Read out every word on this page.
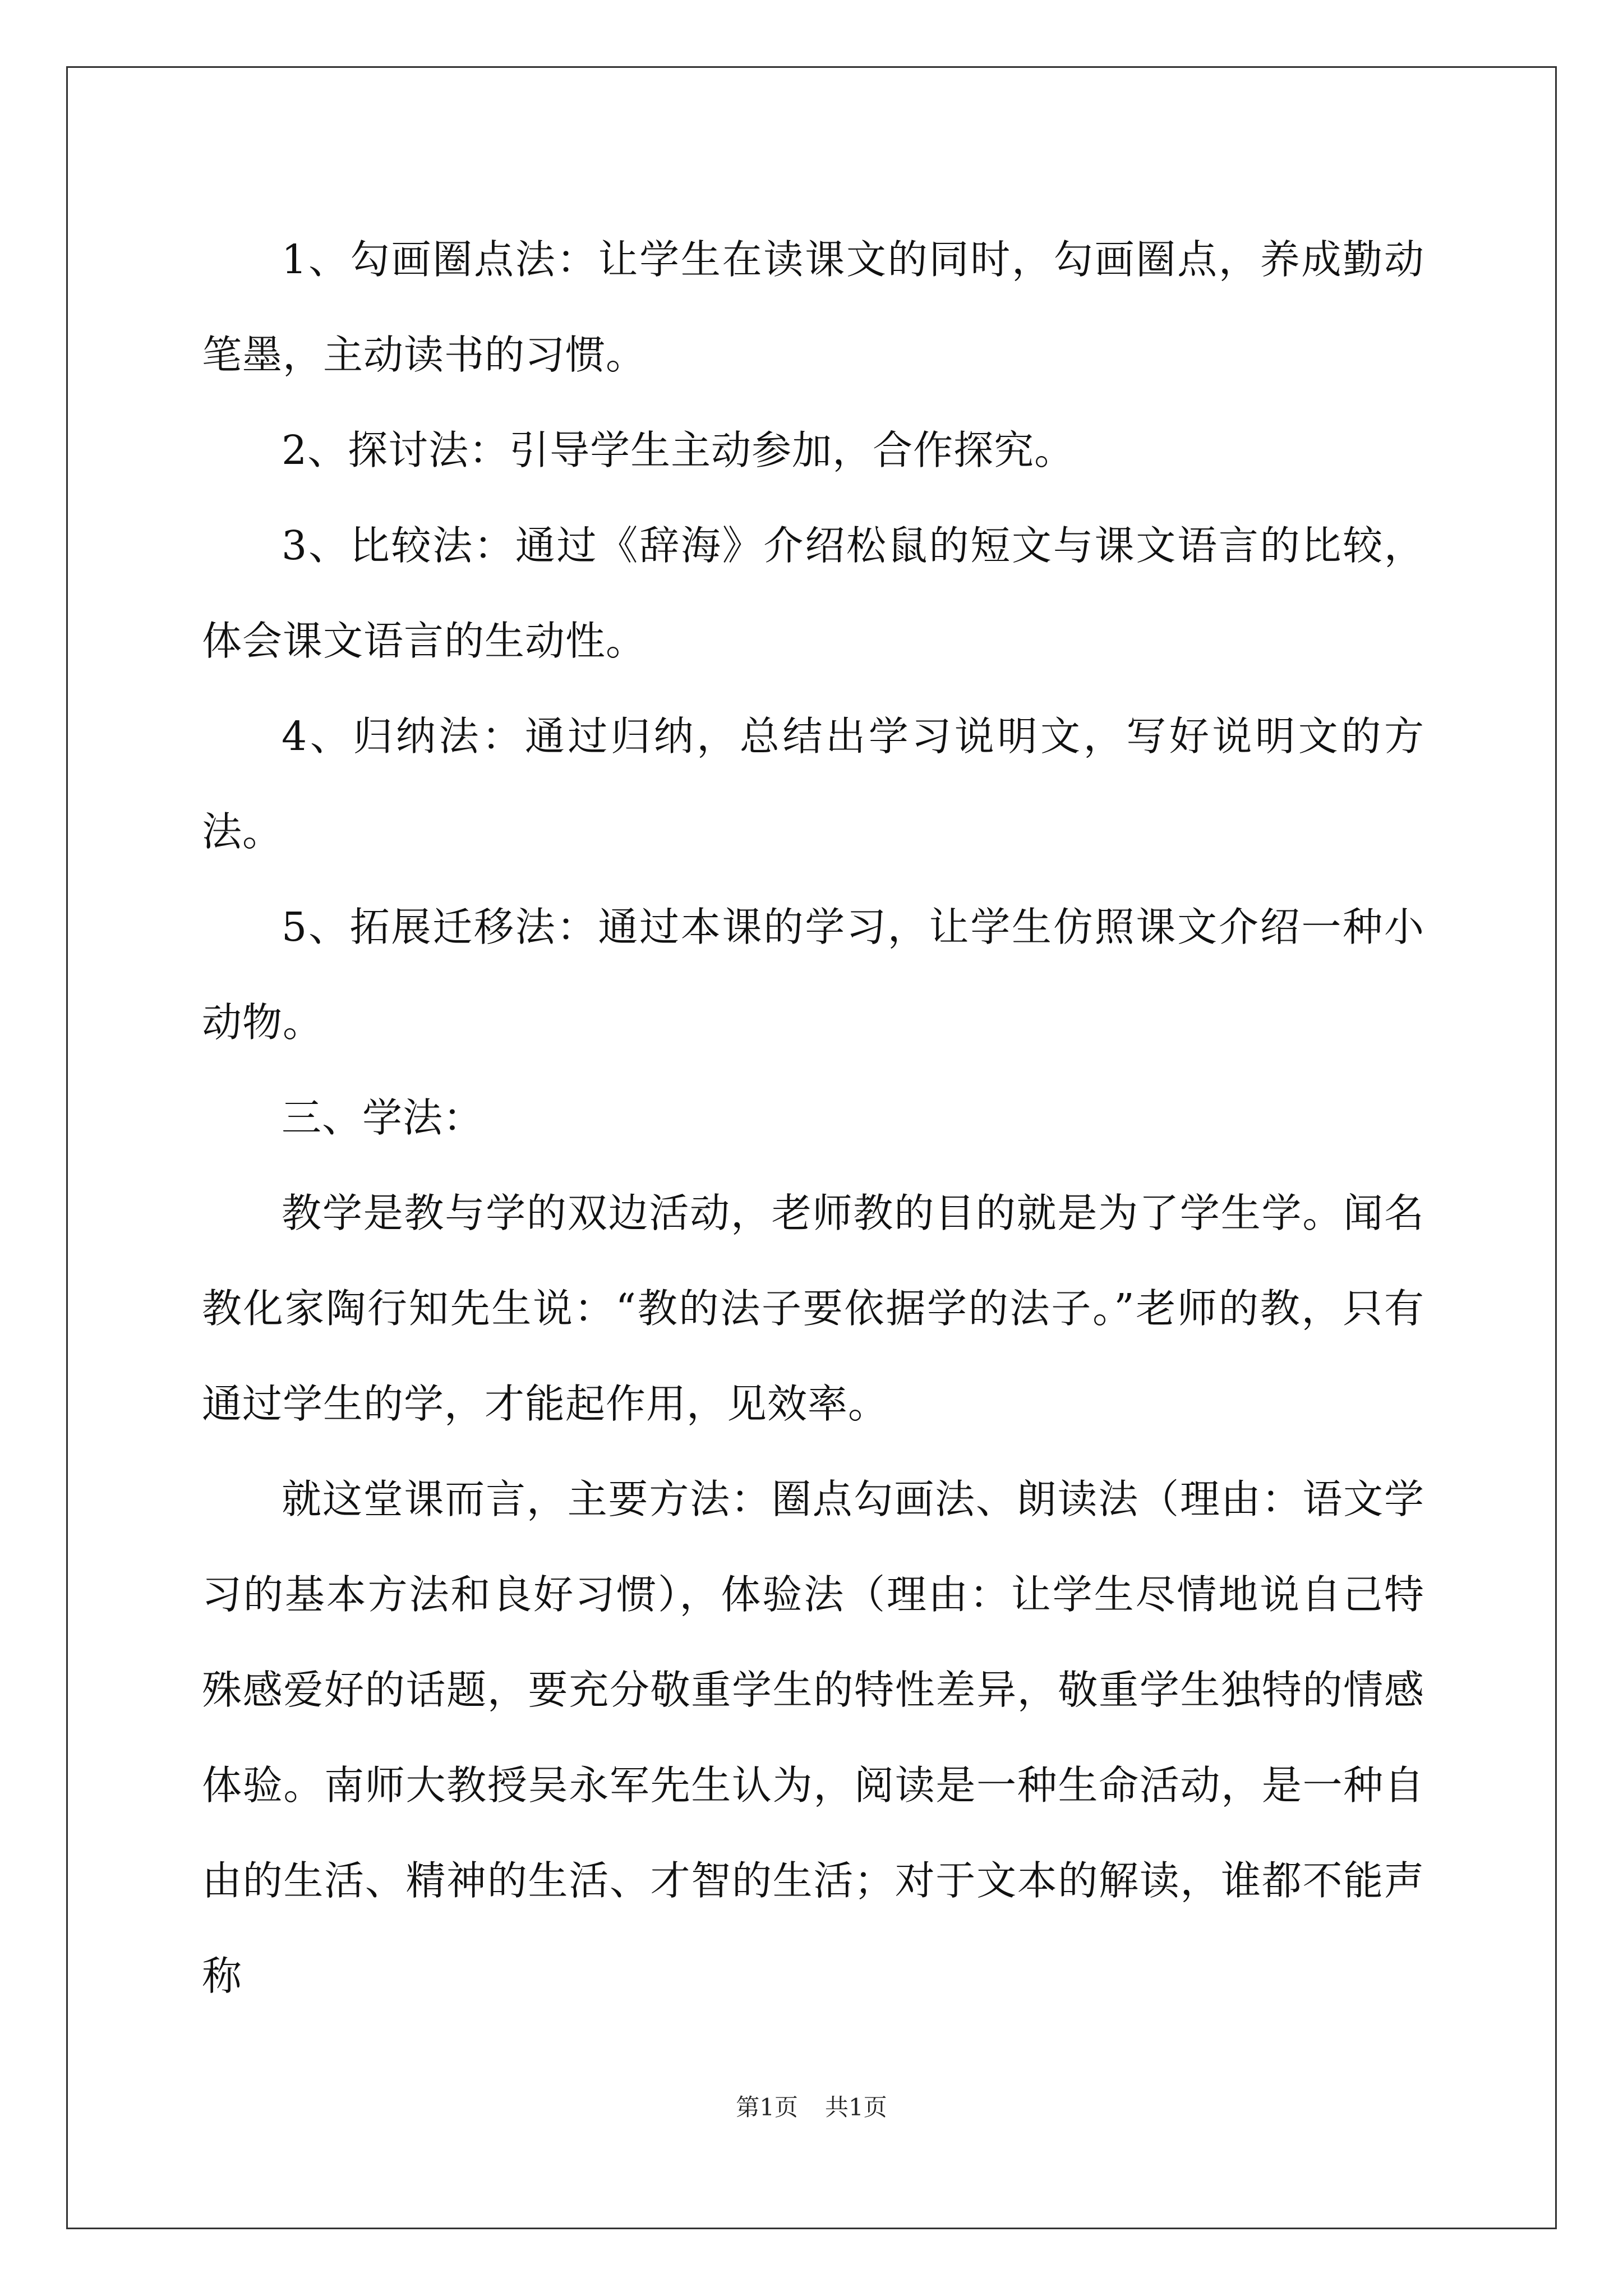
1、勾画圈点法：让学生在读课文的同时，勾画圈点，养成勤动笔墨，主动读书的习惯。

2、探讨法：引导学生主动参加，合作探究。

3、比较法：通过《辞海》介绍松鼠的短文与课文语言的比较，体会课文语言的生动性。

4、归纳法：通过归纳，总结出学习说明文，写好说明文的方法。

5、拓展迁移法：通过本课的学习，让学生仿照课文介绍一种小动物。

三、学法：

教学是教与学的双边活动，老师教的目的就是为了学生学。闻名教化家陶行知先生说：“教的法子要依据学的法子。”老师的教，只有通过学生的学，才能起作用，见效率。

就这堂课而言，主要方法：圈点勾画法、朗读法（理由：语文学习的基本方法和良好习惯），体验法（理由：让学生尽情地说自己特殊感爱好的话题，要充分敬重学生的特性差异，敬重学生独特的情感体验。南师大教授吴永军先生认为，阅读是一种生命活动，是一种自由的生活、精神的生活、才智的生活；对于文本的解读，谁都不能声称

第1页 共1页
